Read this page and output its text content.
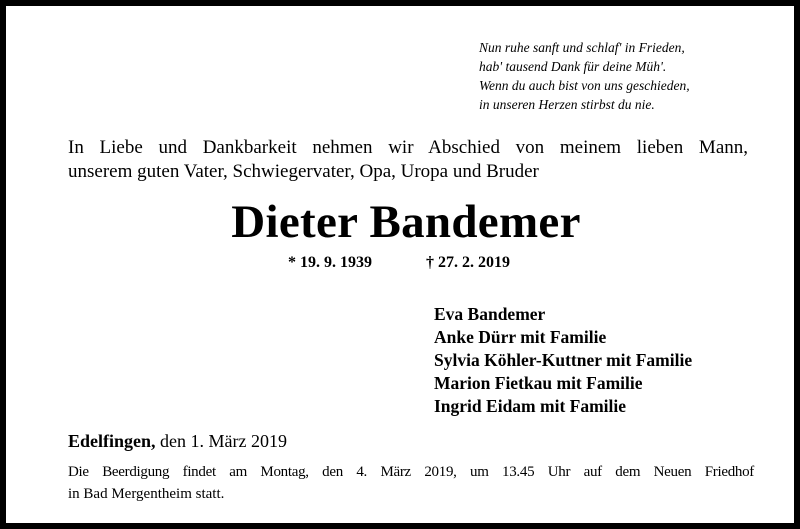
Nun ruhe sanft und schlaf' in Frieden,
hab' tausend Dank für deine Müh'.
Wenn du auch bist von uns geschieden,
in unseren Herzen stirbst du nie.
In Liebe und Dankbarkeit nehmen wir Abschied von meinem lieben Mann,
unserem guten Vater, Schwiegervater, Opa, Uropa und Bruder
Dieter Bandemer
* 19. 9. 1939	† 27. 2. 2019
Eva Bandemer
Anke Dürr mit Familie
Sylvia Köhler-Kuttner mit Familie
Marion Fietkau mit Familie
Ingrid Eidam mit Familie
Edelfingen, den 1. März 2019
Die Beerdigung findet am Montag, den 4. März 2019, um 13.45 Uhr auf dem Neuen Friedhof
in Bad Mergentheim statt.
